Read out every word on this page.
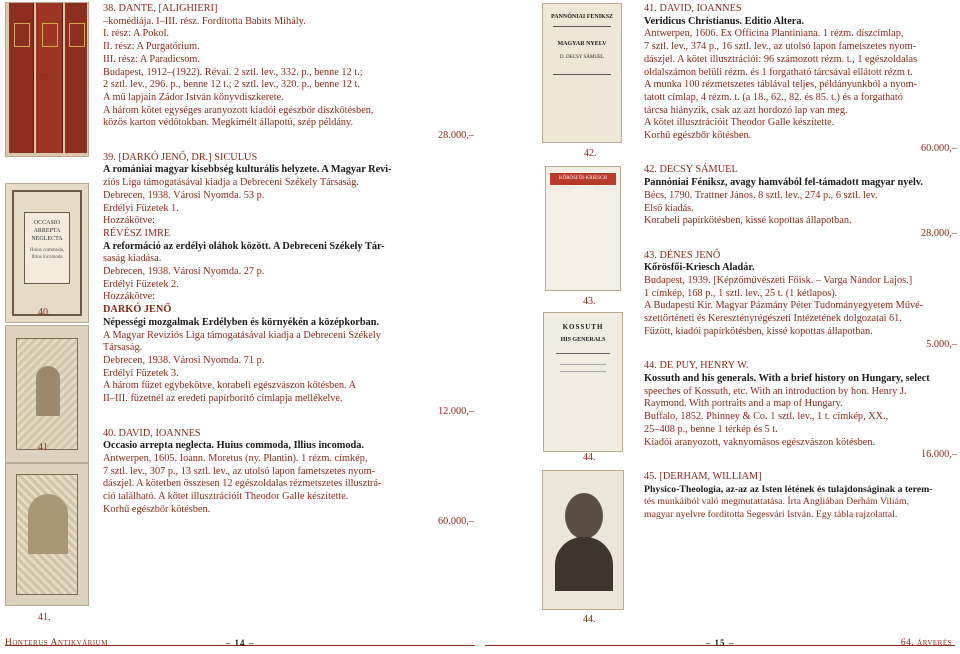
38.
OCCASIO ARREPTA NEGLECTA
Huius commoda, Illius incomoda
40.
41.
41.

38. DANTE, [ALIGHIERI]

–komédiája. I–III. rész. Fordította Babits Mihály.

I. rész: A Pokol.

II. rész: A Purgatórium.

III. rész: A Paradicsom.

Budapest, 1912–(1922). Révai. 2 sztl. lev., 332. p., benne 12 t.;

2 sztl. lev., 296. p., benne 12 t.; 2 sztl. lev., 320. p., benne 12 t.

A mű lapjain Zádor István könyvdíszkerete.

A három kötet egységes aranyozott kiadói egészbőr díszkötésben,

közös karton védőtokban. Megkímélt állapotú, szép példány.

28.000,–

39. [DARKÓ JENŐ, DR.] SICULUS

A romániai magyar kisebbség kulturális helyzete. A Magyar Revi-

ziós Liga támogatásával kiadja a Debreceni Székely Társaság.

Debrecen, 1938. Városi Nyomda. 53 p.

Erdélyi Füzetek 1.

Hozzákötve:

RÉVÉSZ IMRE

A reformáció az erdélyi oláhok között. A Debreceni Székely Tár-

saság kiadása.

Debrecen, 1938. Városi Nyomda. 27 p.

Erdélyi Füzetek 2.

Hozzákötve:

DARKÓ JENŐ

Népességi mozgalmak Erdélyben és környékén a középkorban.

A Magyar Revíziós Liga támogatásával kiadja a Debreceni Székely

Társaság.

Debrecen, 1938. Városi Nyomda. 71 p.

Erdélyi Füzetek 3.

A három füzet egybekötve, korabeli egészvászon kötésben. A

II–III. füzetnél az eredeti papírborító címlapja mellékelve.

12.000,–

40. DAVID, IOANNES

Occasio arrepta neglecta. Huius commoda, Illius incomoda.

Antwerpen, 1605. Ioann. Moretus (ny. Plantin). 1 rézm. címkép,

7 sztl. lev., 307 p., 13 sztl. lev., az utolsó lapon fametszetes nyom-

dászjel. A kötetben összesen 12 egészoldalas rézmetszetes illusztrá-

ció található. A kötet illusztrációit Theodor Galle készítette.

Korhű egészbőr kötésben.

60.000,–

Honterus Antikvárium	– 14 –
PANNÓNIAI FENIKSZ
MAGYAR NYELV
D. DECSY SÁMUEL
42.
KŐRÖSFŐI-KRIESCH ALADÁR
43.
KOSSUTH
HIS GENERALS
44.
44.

41. DAVID, IOANNES

Veridicus Christianus. Editio Altera.

Antwerpen, 1606. Ex Officina Plantiniana. 1 rézm. díszcímlap,

7 sztl. lev., 374 p., 16 sztl. lev., az utolsó lapon fametszetes nyom-

dászjel. A kötet illusztrációi: 96 számozott rézm. t., 1 egészoldalas

oldalszámon belüli rézm. és 1 forgatható tárcsával ellátott rézm t.

A munka 100 rézmetszetes táblával teljes, példányunkból a nyom-

tatott címlap, 4 rézm. t. (a 18., 62., 82. és 85. t.) és a forgatható

tárcsa hiányzik, csak az azt hordozó lap van meg.

A kötet illusztrációit Theodor Galle készítette.

Korhű egészbőr kötésben.

60.000,–

42. DECSY SÁMUEL

Pannóniai Féniksz, avagy hamvából fel-támadott magyar nyelv.

Bécs, 1790. Trattner János. 8 sztl. lev., 274 p., 6 sztl. lev.

Első kiadás.

Korabeli papírkötésben, kissé kopottas állapotban.

28.000,–

43. DÉNES JENŐ

Kőrösfői-Kriesch Aladár.

Budapest, 1939. [Képzőművészeti Főisk. – Varga Nándor Lajos.]

1 címkép, 168 p., 1 sztl. lev., 25 t. (1 kétlapos).

A Budapesti Kir. Magyar Pázmány Péter Tudományegyetem Művé-

szettörténeti és Keresztényrégészeti Intézetének dolgozatai 61.

Fűzött, kiadói papírkötésben, kissé kopottas állapotban.

5.000,–

44. DE PUY, HENRY W.

Kossuth and his generals. With a brief history on Hungary, select

speeches of Kossuth, etc. With an introduction by hon. Henry J.

Raymond. With portraits and a map of Hungary.

Buffalo, 1852. Phinney & Co. 1 sztl. lev., 1 t. címkép, XX.,

25–408 p., benne 1 térkép és 5 t.

Kiadói aranyozott, vaknyomásos egészvászon kötésben.

16.000,–

45. [DERHAM, WILLIAM]

Physico-Theologia, az-az az Isten létének és tulajdonságinak a terem-

tés munkáiból való megmutattatása. Írta Angliában Derhám Viliám,

magyar nyelvre fordította Segesvári István. Egy tábla rajzolattal.

– 15 –	64. árverés
